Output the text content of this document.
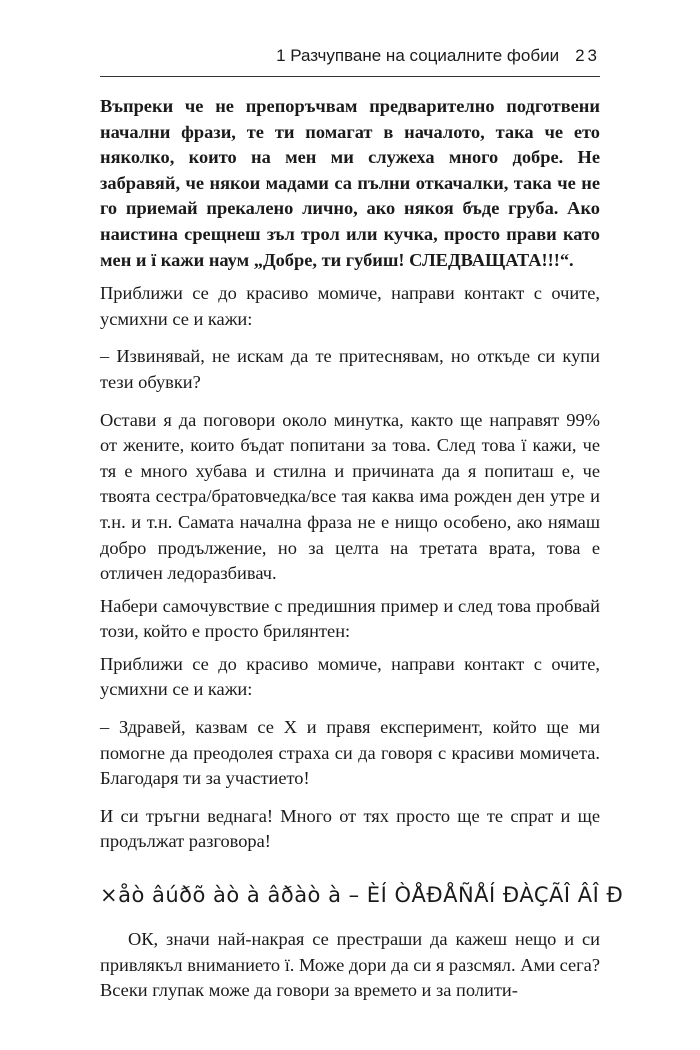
1 Разчупване на социалните фобии 23

Въпреки че не препоръчвам предварително подготвени начални фрази, те ти помагат в началото, така че ето няколко, които на мен ми служеха много добре. Не забравяй, че някои мадами са пълни откачалки, така че не го приемай прекалено лично, ако някоя бъде груба. Ако наистина срещнеш зъл трол или кучка, просто прави като мен и ї кажи наум „Добре, ти губиш! СЛЕДВАЩАТА!!!“.

Приближи се до красиво момиче, направи контакт с очите, усмихни се и кажи:

– Извинявай, не искам да те притеснявам, но откъде си купи тези обувки?

Остави я да поговори около минутка, както ще направят 99% от жените, които бъдат попитани за това. След това ї кажи, че тя е много хубава и стилна и причината да я попиташ е, че твоята сестра/братовчедка/все тая каква има рожден ден утре и т.н. и т.н. Самата начална фраза не е нищо особено, ако нямаш добро продължение, но за целта на третата врата, това е отличен ледоразбивач.

Набери самочувствие с предишния пример и след това пробвай този, който е просто брилянтен:

Приближи се до красиво момиче, направи контакт с очите, усмихни се и кажи:

– Здравей, казвам се Х и правя експеримент, който ще ми помогне да преодолея страха си да говоря с красиви момичета. Благодаря ти за участието!

И си тръгни веднага! Много от тях просто ще те спрат и ще продължат разговора!

×åò âúðõ àò à âðàò à – ÈÍ ÒÅÐÅÑÅÍ ÐÀÇÃÎ ÂÎ Ð

ОК, значи най-накрая се престраши да кажеш нещо и си привлякъл вниманието ї. Може дори да си я разсмял. Ами сега? Всеки глупак може да говори за времето и за полити-
